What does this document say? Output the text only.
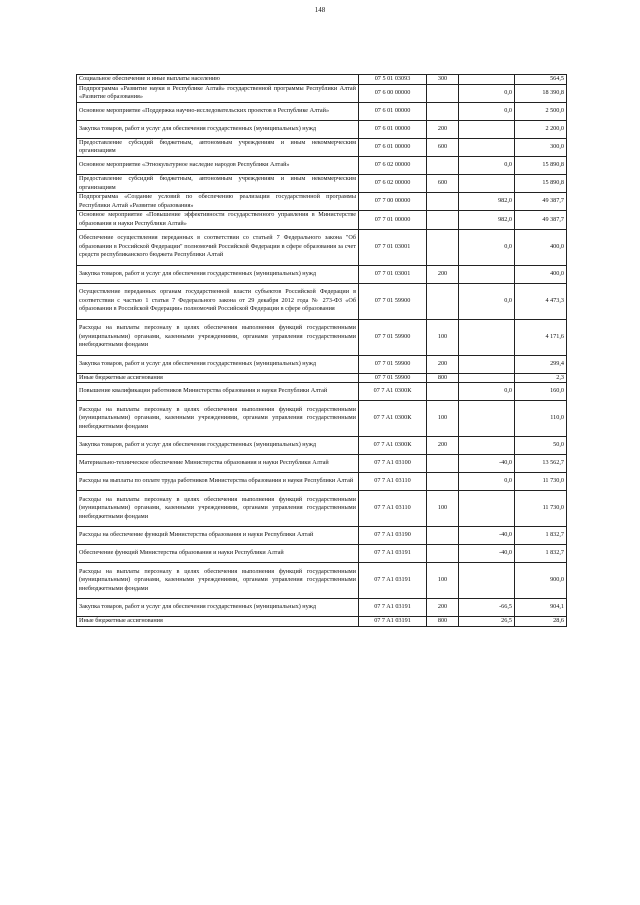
148
Социальное обеспечение и иные выплаты населению	07 5 01 03093	300		564,5
Подпрограмма «Развитие науки в Республике Алтай» государственной программы Республики Алтай «Развитие образования»	07 6 00 00000		0,0	18 390,8
Основное мероприятие «Поддержка научно-исследовательских проектов в Республике Алтай»	07 6 01 00000		0,0	2 500,0
Закупка товаров, работ и услуг для обеспечения государственных (муниципальных) нужд	07 6 01 00000	200		2 200,0
Предоставление субсидий бюджетным, автономным учреждениям и иным некоммерческим организациям	07 6 01 00000	600		300,0
Основное мероприятие «Этнокультурное наследие народов Республики Алтай»	07 6 02 00000		0,0	15 890,8
Предоставление субсидий бюджетным, автономным учреждениям и иным некоммерческим организациям	07 6 02 00000	600		15 890,8
Подпрограмма «Создание условий по обеспечению реализации государственной программы Республики Алтай «Развитие образования»	07 7 00 00000		982,0	49 387,7
Основное мероприятие «Повышение эффективности государственного управления в Министерстве образования и науки Республики Алтай»	07 7 01 00000		982,0	49 387,7
Обеспечение осуществления переданных в соответствии со статьей 7 Федерального закона "Об образовании в Российской Федерации" полномочий Российской Федерации в сфере образования за счет средств республиканского бюджета Республики Алтай	07 7 01 03001		0,0	400,0
Закупка товаров, работ и услуг для обеспечения государственных (муниципальных) нужд	07 7 01 03001	200		400,0
Осуществление переданных органам государственной власти субъектов Российской Федерации в соответствии с частью 1 статьи 7 Федерального закона от 29 декабря 2012 года № 273-ФЗ «Об образовании в Российской Федерации» полномочий Российской Федерации в сфере образования	07 7 01 59900		0,0	4 473,3
Расходы на выплаты персоналу в целях обеспечения выполнения функций государственными (муниципальными) органами, казенными учреждениями, органами управления государственными внебюджетными фондами	07 7 01 59900	100		4 171,6
Закупка товаров, работ и услуг для обеспечения государственных (муниципальных) нужд	07 7 01 59900	200		299,4
Иные бюджетные ассигнования	07 7 01 59900	800		2,3
Повышение квалификации работников Министерства образования и науки Республики Алтай	07 7 A1 0300К		0,0	160,0
Расходы на выплаты персоналу в целях обеспечения выполнения функций государственными (муниципальными) органами, казенными учреждениями, органами управления государственными внебюджетными фондами	07 7 A1 0300К	100		110,0
Закупка товаров, работ и услуг для обеспечения государственных (муниципальных) нужд	07 7 A1 0300К	200		50,0
Материально-техническое обеспечение Министерства образования и науки Республики Алтай	07 7 A1 03100		-40,0	13 562,7
Расходы на выплаты по оплате труда работников Министерства образования и науки Республики Алтай	07 7 A1 03110		0,0	11 730,0
Расходы на выплаты персоналу в целях обеспечения выполнения функций государственными (муниципальными) органами, казенными учреждениями, органами управления государственными внебюджетными фондами	07 7 A1 03110	100		11 730,0
Расходы на обеспечение функций Министерства образования и науки Республики Алтай	07 7 A1 03190		-40,0	1 832,7
Обеспечение функций Министерства образования и науки Республики Алтай	07 7 A1 03191		-40,0	1 832,7
Расходы на выплаты персоналу в целях обеспечения выполнения функций государственными (муниципальными) органами, казенными учреждениями, органами управления государственными внебюджетными фондами	07 7 A1 03191	100		900,0
Закупка товаров, работ и услуг для обеспечения государственных (муниципальных) нужд	07 7 A1 03191	200	-66,5	904,1
Иные бюджетные ассигнования	07 7 A1 03191	800	26,5	28,6
